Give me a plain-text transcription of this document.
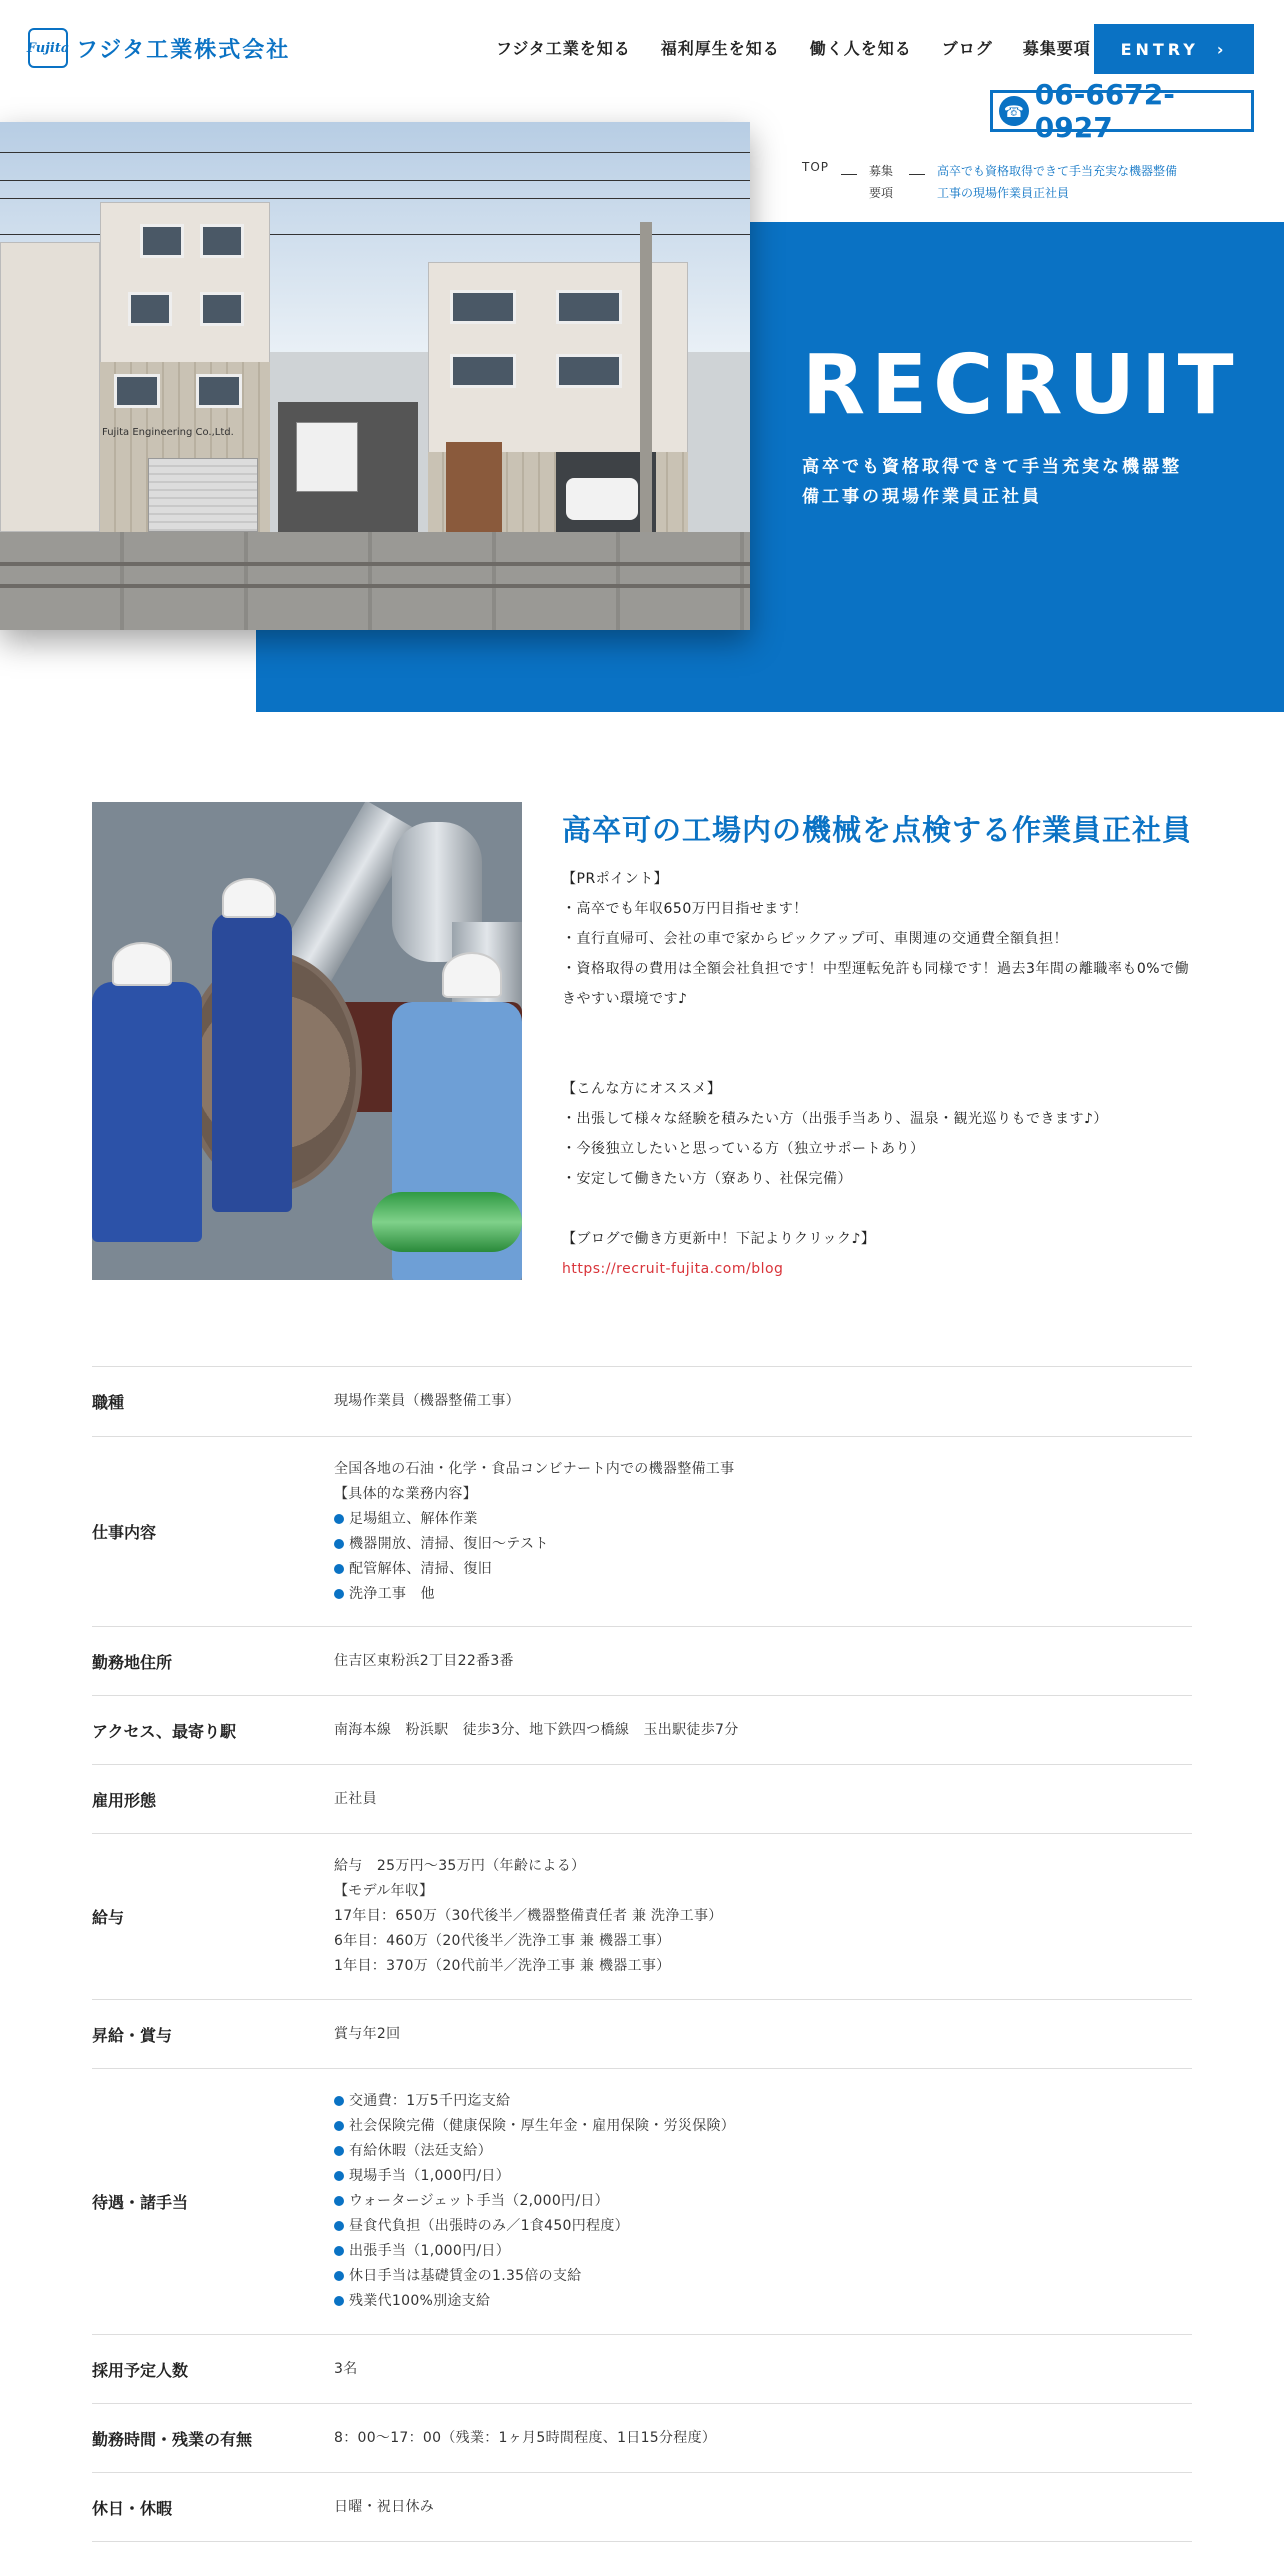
Fujita フジタ工業株式会社	フジタ工業を知る 福利厚生を知る 働く人を知る ブログ 募集要項 ENTRY ›
☎ 06-6672-0927
Fujita Engineering Co.,Ltd.
TOP	募集要項
高卒でも資格取得できて手当充実な機器整備工事の現場作業員正社員
RECRUIT
高卒でも資格取得できて手当充実な機器整備工事の現場作業員正社員
高卒可の工場内の機械を点検する作業員正社員
【PRポイント】
・高卒でも年収650万円目指せます！
・直行直帰可、会社の車で家からピックアップ可、車関連の交通費全額負担！
・資格取得の費用は全額会社負担です！中型運転免許も同様です！過去3年間の離職率も0%で働きやすい環境です♪
【こんな方にオススメ】
・出張して様々な経験を積みたい方（出張手当あり、温泉・観光巡りもできます♪）
・今後独立したいと思っている方（独立サポートあり）
・安定して働きたい方（寮あり、社保完備）
【ブログで働き方更新中！下記よりクリック♪】
https://recruit-fujita.com/blog
職種	現場作業員（機器整備工事）
仕事内容
全国各地の石油・化学・食品コンビナート内での機器整備工事
【具体的な業務内容】
足場組立、解体作業
機器開放、清掃、復旧～テスト
配管解体、清掃、復旧
洗浄工事　他
勤務地住所	住吉区東粉浜2丁目22番3番
アクセス、最寄り駅	南海本線　粉浜駅　徒歩3分、地下鉄四つ橋線　玉出駅徒歩7分
雇用形態	正社員
給与
給与　25万円～35万円（年齢による）
【モデル年収】
17年目：650万（30代後半／機器整備責任者 兼 洗浄工事）
6年目：460万（20代後半／洗浄工事 兼 機器工事）
1年目：370万（20代前半／洗浄工事 兼 機器工事）
昇給・賞与	賞与年2回
待遇・諸手当
交通費：1万5千円迄支給
社会保険完備（健康保険・厚生年金・雇用保険・労災保険）
有給休暇（法廷支給）
現場手当（1,000円/日）
ウォータージェット手当（2,000円/日）
昼食代負担（出張時のみ／1食450円程度）
出張手当（1,000円/日）
休日手当は基礎賃金の1.35倍の支給
残業代100%別途支給
採用予定人数	3名
勤務時間・残業の有無	8：00～17：00（残業：1ヶ月5時間程度、1日15分程度）
休日・休暇	日曜・祝日休み
